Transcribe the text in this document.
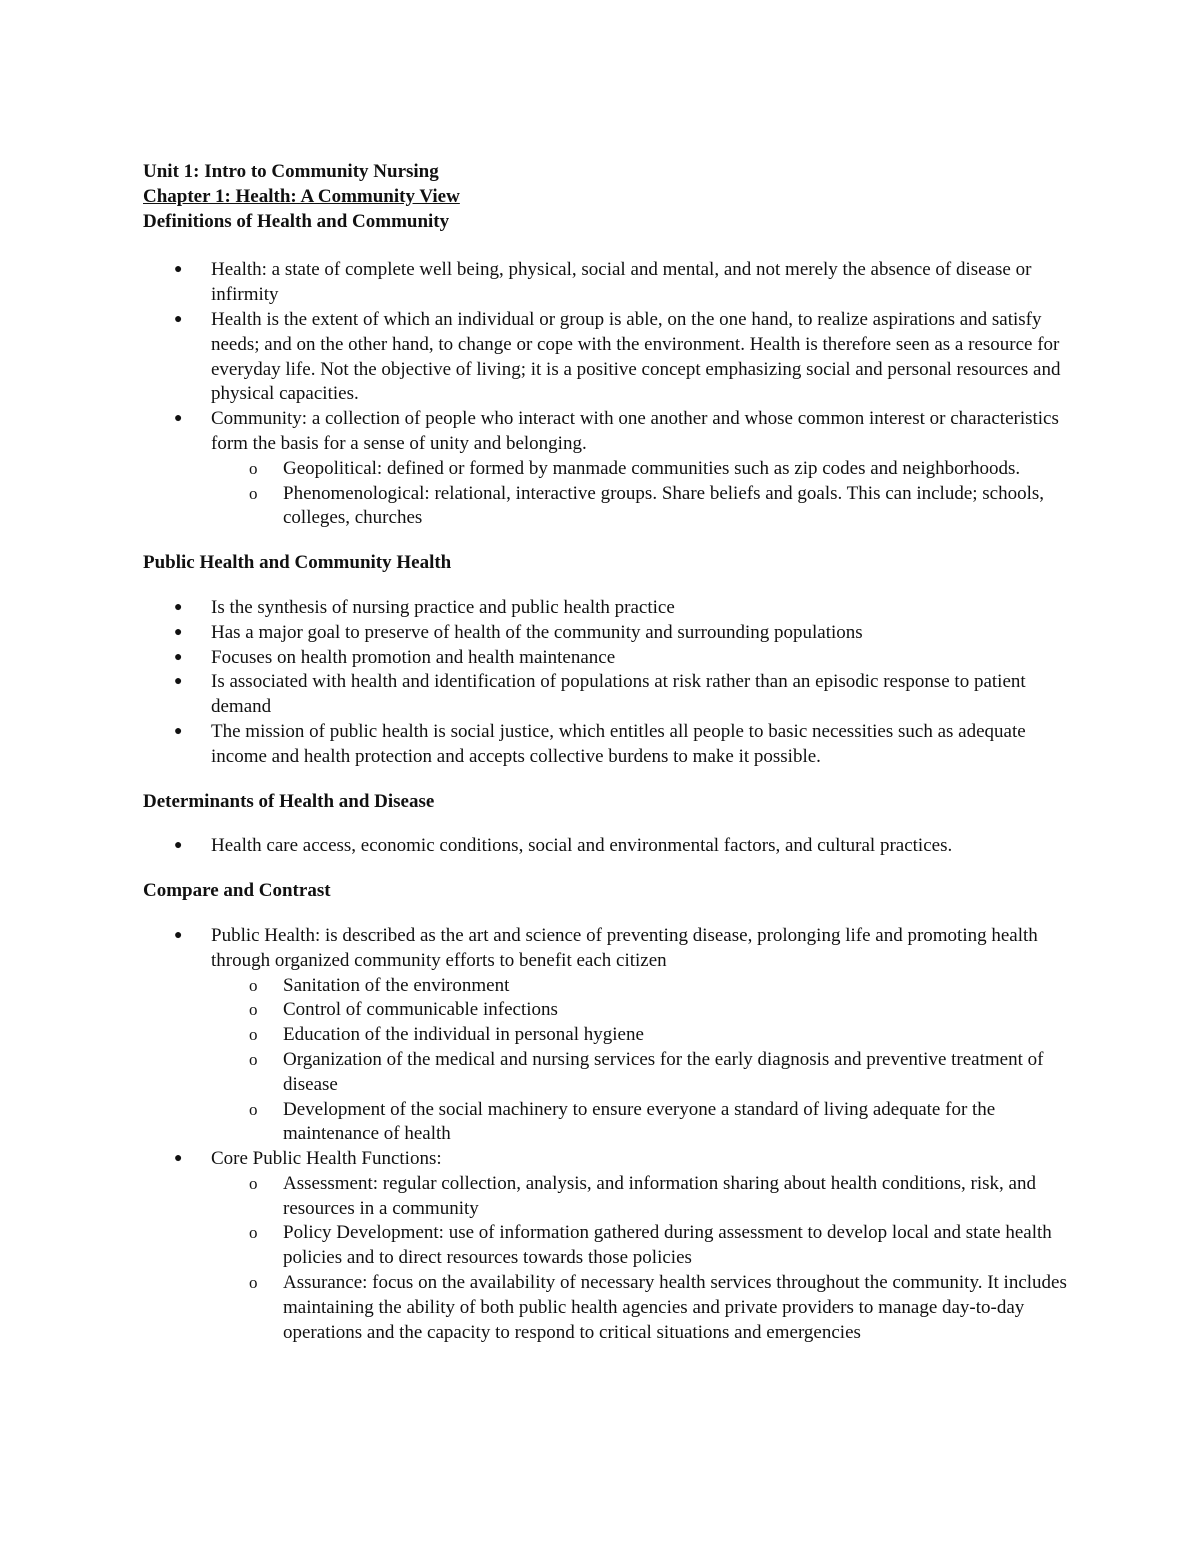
Unit 1: Intro to Community Nursing

Chapter 1: Health: A Community View

Definitions of Health and Community

● Health: a state of complete well being, physical, social and mental, and not merely the absence of disease or infirmity
● Health is the extent of which an individual or group is able, on the one hand, to realize aspirations and satisfy needs; and on the other hand, to change or cope with the environment. Health is therefore seen as a resource for everyday life. Not the objective of living; it is a positive concept emphasizing social and personal resources and physical capacities.
● Community: a collection of people who interact with one another and whose common interest or characteristics form the basis for a sense of unity and belonging.
o Geopolitical: defined or formed by manmade communities such as zip codes and neighborhoods.
o Phenomenological: relational, interactive groups. Share beliefs and goals. This can include; schools, colleges, churches

Public Health and Community Health

● Is the synthesis of nursing practice and public health practice
● Has a major goal to preserve of health of the community and surrounding populations
● Focuses on health promotion and health maintenance
● Is associated with health and identification of populations at risk rather than an episodic response to patient demand
● The mission of public health is social justice, which entitles all people to basic necessities such as adequate income and health protection and accepts collective burdens to make it possible.

Determinants of Health and Disease

● Health care access, economic conditions, social and environmental factors, and cultural practices.

Compare and Contrast

● Public Health: is described as the art and science of preventing disease, prolonging life and promoting health through organized community efforts to benefit each citizen
o Sanitation of the environment
o Control of communicable infections
o Education of the individual in personal hygiene
o Organization of the medical and nursing services for the early diagnosis and preventive treatment of disease
o Development of the social machinery to ensure everyone a standard of living adequate for the maintenance of health
● Core Public Health Functions:
o Assessment: regular collection, analysis, and information sharing about health conditions, risk, and resources in a community
o Policy Development: use of information gathered during assessment to develop local and state health policies and to direct resources towards those policies
o Assurance: focus on the availability of necessary health services throughout the community. It includes maintaining the ability of both public health agencies and private providers to manage day-to-day operations and the capacity to respond to critical situations and emergencies
